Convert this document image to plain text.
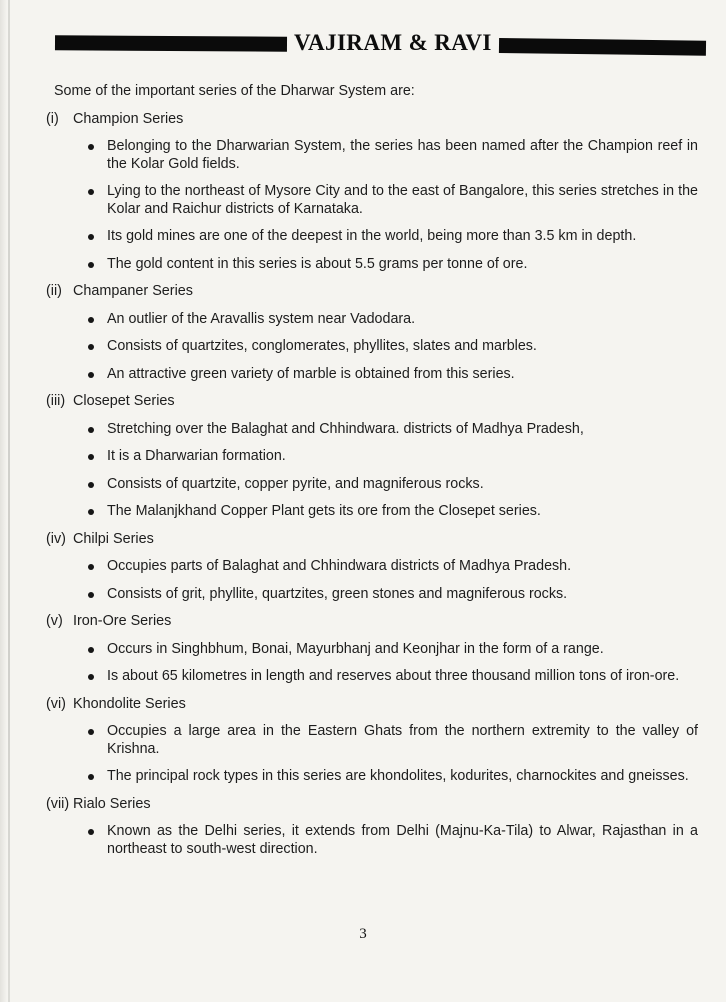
VAJIRAM & RAVI

Some of the important series of the Dharwar System are:

(i) Champion Series

Belonging to the Dharwarian System, the series has been named after the Champion reef in the Kolar Gold fields.

Lying to the northeast of Mysore City and to the east of Bangalore, this series stretches in the Kolar and Raichur districts of Karnataka.

Its gold mines are one of the deepest in the world, being more than 3.5 km in depth.

The gold content in this series is about 5.5 grams per tonne of ore.

(ii) Champaner Series

An outlier of the Aravallis system near Vadodara.

Consists of quartzites, conglomerates, phyllites, slates and marbles.

An attractive green variety of marble is obtained from this series.

(iii) Closepet Series

Stretching over the Balaghat and Chhindwara. districts of Madhya Pradesh,

It is a Dharwarian formation.

Consists of quartzite, copper pyrite, and magniferous rocks.

The Malanjkhand Copper Plant gets its ore from the Closepet series.

(iv) Chilpi Series

Occupies parts of Balaghat and Chhindwara districts of Madhya Pradesh.

Consists of grit, phyllite, quartzites, green stones and magniferous rocks.

(v) Iron-Ore Series

Occurs in Singhbhum, Bonai, Mayurbhanj and Keonjhar in the form of a range.

Is about 65 kilometres in length and reserves about three thousand million tons of iron-ore.

(vi) Khondolite Series

Occupies a large area in the Eastern Ghats from the northern extremity to the valley of Krishna.

The principal rock types in this series are khondolites, kodurites, charnockites and gneisses.

(vii) Rialo Series

Known as the Delhi series, it extends from Delhi (Majnu-Ka-Tila) to Alwar, Rajasthan in a northeast to south-west direction.

3
